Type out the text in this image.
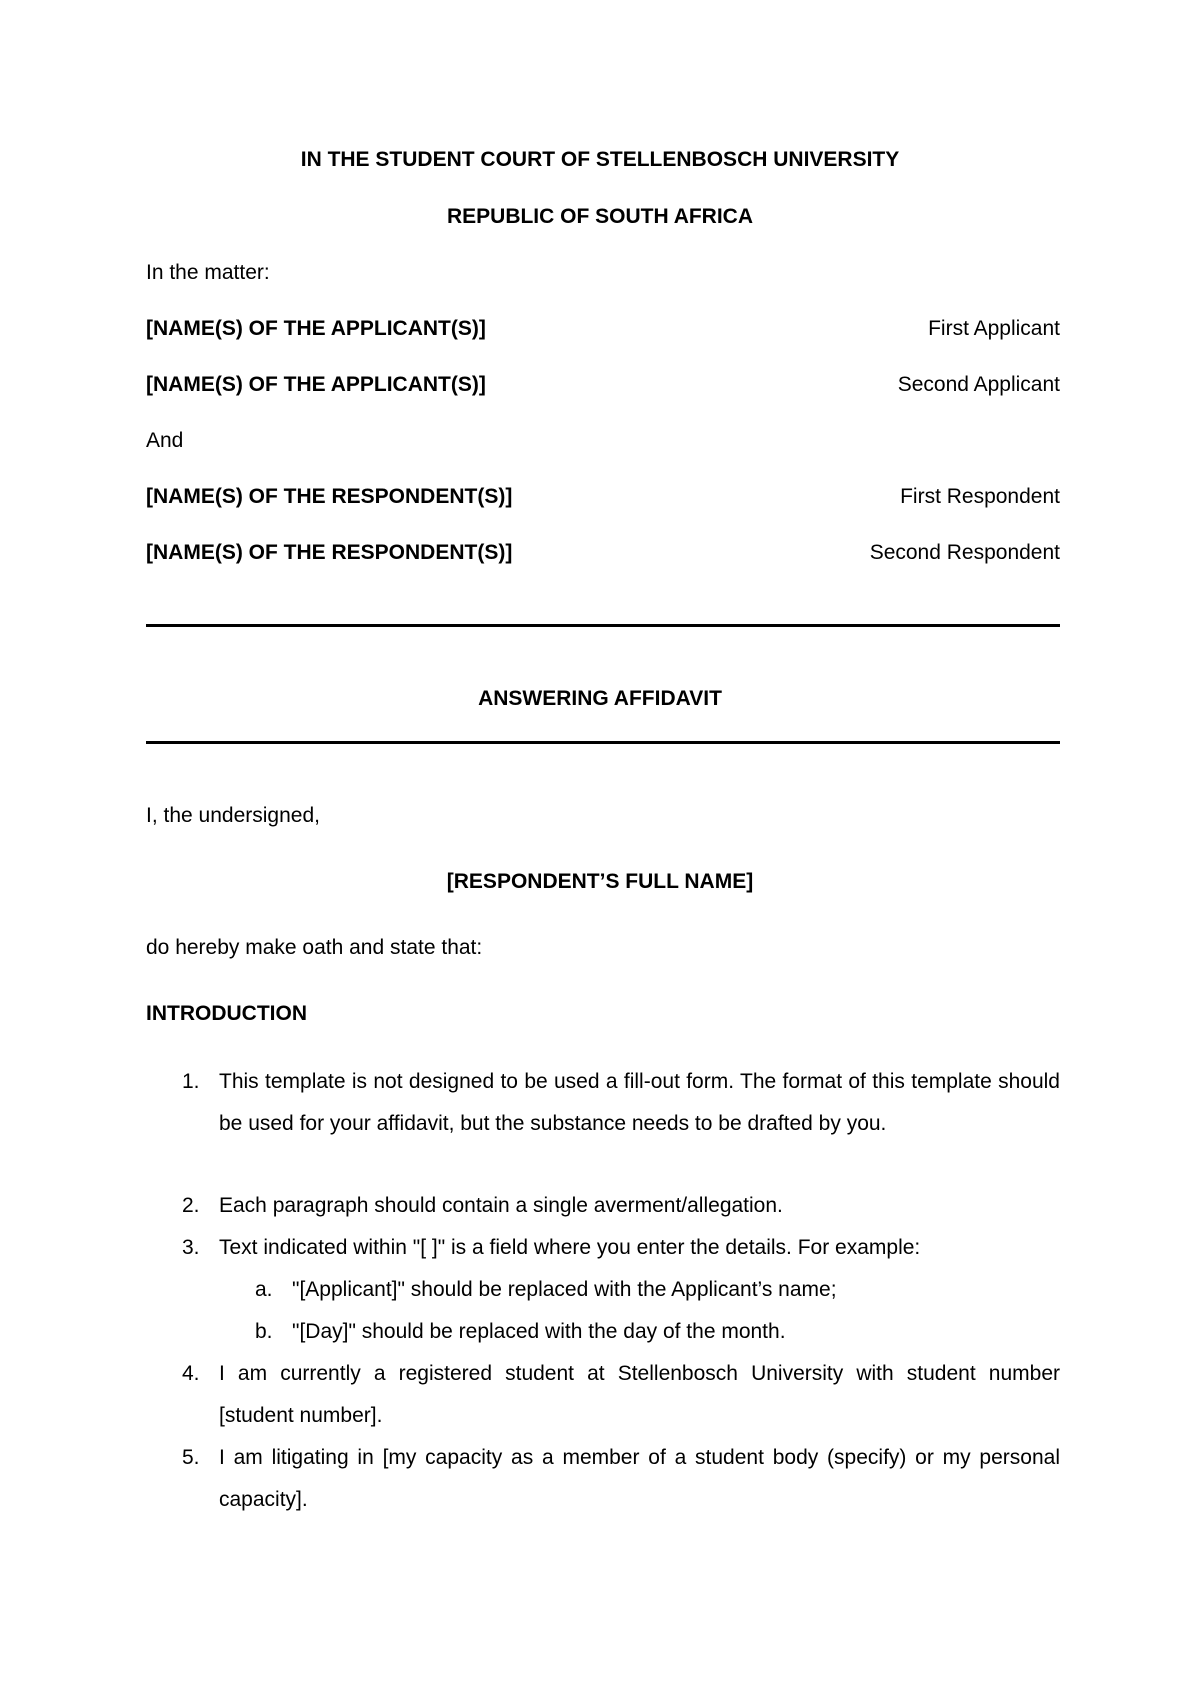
IN THE STUDENT COURT OF STELLENBOSCH UNIVERSITY
REPUBLIC OF SOUTH AFRICA
In the matter:
[NAME(S) OF THE APPLICANT(S)]	First Applicant
[NAME(S) OF THE APPLICANT(S)]	Second Applicant
And
[NAME(S) OF THE RESPONDENT(S)]	First Respondent
[NAME(S) OF THE RESPONDENT(S)]	Second Respondent
ANSWERING AFFIDAVIT
I, the undersigned,
[RESPONDENT’S FULL NAME]
do hereby make oath and state that:
INTRODUCTION
1. This template is not designed to be used a fill-out form. The format of this template should be used for your affidavit, but the substance needs to be drafted by you.
2. Each paragraph should contain a single averment/allegation.
3. Text indicated within "[ ]" is a field where you enter the details. For example:
a. "[Applicant]" should be replaced with the Applicant’s name;
b. "[Day]" should be replaced with the day of the month.
4. I am currently a registered student at Stellenbosch University with student number [student number].
5. I am litigating in [my capacity as a member of a student body (specify) or my personal capacity].
